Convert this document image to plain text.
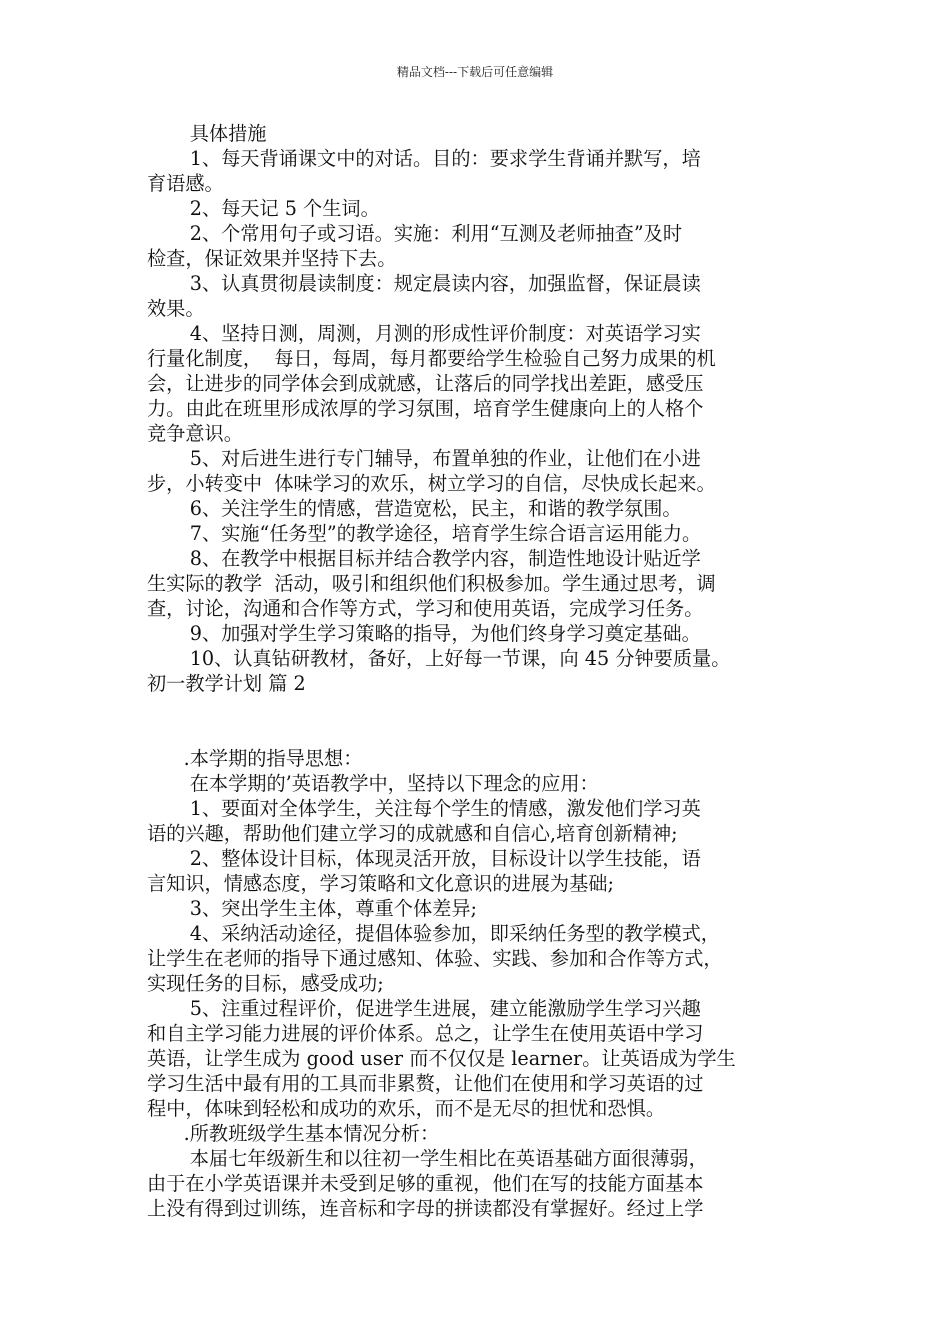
精品文档---下载后可任意编辑
具体措施
1、每天背诵课文中的对话。目的：要求学生背诵并默写，培
育语感。
2、每天记 5 个生词。
2、个常用句子或习语。实施：利用“互测及老师抽查”及时
检查，保证效果并坚持下去。
3、认真贯彻晨读制度：规定晨读内容，加强监督，保证晨读
效果。
4、坚持日测，周测，月测的形成性评价制度：对英语学习实
行量化制度，  每日，每周，每月都要给学生检验自己努力成果的机
会，让进步的同学体会到成就感，让落后的同学找出差距，感受压
力。由此在班里形成浓厚的学习氛围，培育学生健康向上的人格个
竞争意识。
5、对后进生进行专门辅导，布置单独的作业，让他们在小进
步，小转变中  体味学习的欢乐，树立学习的自信，尽快成长起来。
6、关注学生的情感，营造宽松，民主，和谐的教学氛围。
7、实施“任务型”的教学途径，培育学生综合语言运用能力。
8、在教学中根据目标并结合教学内容，制造性地设计贴近学
生实际的教学  活动，吸引和组织他们积极参加。学生通过思考，调
查，讨论，沟通和合作等方式，学习和使用英语，完成学习任务。
9、加强对学生学习策略的指导，为他们终身学习奠定基础。
10、认真钻研教材，备好，上好每一节课，向 45 分钟要质量。
初一教学计划 篇 2
.本学期的指导思想：
在本学期的’英语教学中，坚持以下理念的应用：
1、要面对全体学生，关注每个学生的情感，激发他们学习英
语的兴趣，帮助他们建立学习的成就感和自信心,培育创新精神;
2、整体设计目标，体现灵活开放，目标设计以学生技能，语
言知识，情感态度，学习策略和文化意识的进展为基础;
3、突出学生主体，尊重个体差异;
4、采纳活动途径，提倡体验参加，即采纳任务型的教学模式，
让学生在老师的指导下通过感知、体验、实践、参加和合作等方式，
实现任务的目标，感受成功;
5、注重过程评价，促进学生进展，建立能激励学生学习兴趣
和自主学习能力进展的评价体系。总之，让学生在使用英语中学习
英语，让学生成为 good user 而不仅仅是 learner。让英语成为学生
学习生活中最有用的工具而非累赘，让他们在使用和学习英语的过
程中，体味到轻松和成功的欢乐，而不是无尽的担忧和恐惧。
.所教班级学生基本情况分析：
本届七年级新生和以往初一学生相比在英语基础方面很薄弱，
由于在小学英语课并未受到足够的重视，他们在写的技能方面基本
上没有得到过训练，连音标和字母的拼读都没有掌握好。经过上学
